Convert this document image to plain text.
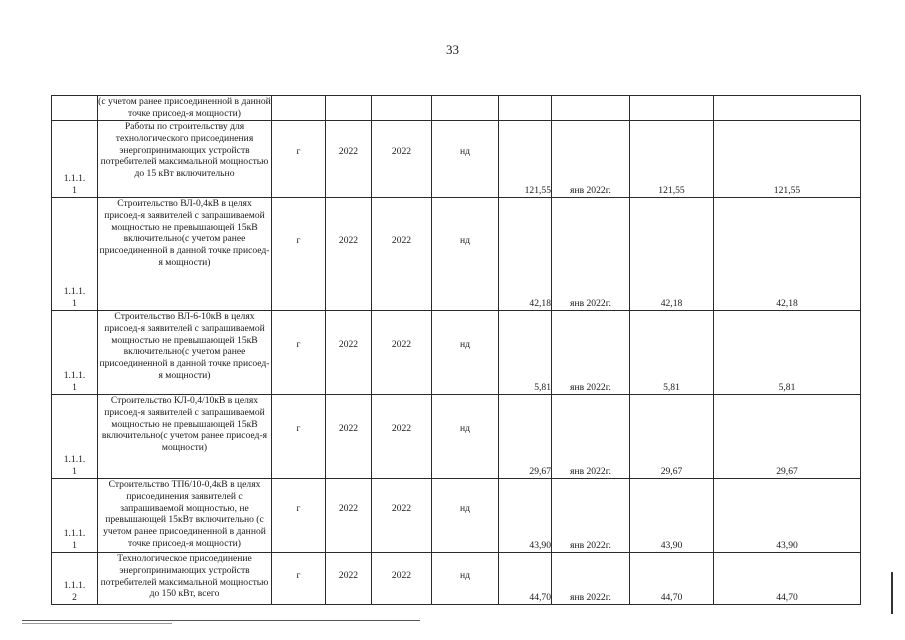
33
	(с учетом ранее присоединенной в данной точке присоед-я мощности)								
1.1.1.
1	Работы по строительству для технологического присоединения энергопринимающих устройств потребителей максимальной мощностью до 15 кВт включительно	г	2022	2022	нд	121,55	янв 2022г.	121,55	121,55
1.1.1.
1	Строительство ВЛ-0,4кВ в целях присоед-я заявителей с запрашиваемой мощностью не превышающей 15кВ включительно(с учетом ранее присоединенной в данной точке присоед-я мощности)	г	2022	2022	нд	42,18	янв 2022г.	42,18	42,18
1.1.1.
1	Строительство ВЛ-6-10кВ в целях присоед-я заявителей с запрашиваемой мощностью не превышающей 15кВ включительно(с учетом ранее присоединенной в данной точке присоед-я мощности)	г	2022	2022	нд	5,81	янв 2022г.	5,81	5,81
1.1.1.
1	Строительство КЛ-0,4/10кВ в целях присоед-я заявителей с запрашиваемой мощностью не превышающей 15кВ включительно(с учетом ранее присоед-я мощности)	г	2022	2022	нд	29,67	янв 2022г.	29,67	29,67
1.1.1.
1	Строительство ТП6/10-0,4кВ в целях присоединения заявителей с запрашиваемой мощностью, не превышающей 15кВт включительно (с учетом ранее присоединенной в данной точке присоед-я мощности)	г	2022	2022	нд	43,90	янв 2022г.	43,90	43,90
1.1.1.
2	Технологическое присоединение энергопринимающих устройств потребителей максимальной мощностью до 150 кВт, всего	г	2022	2022	нд	44,70	янв 2022г.	44,70	44,70
